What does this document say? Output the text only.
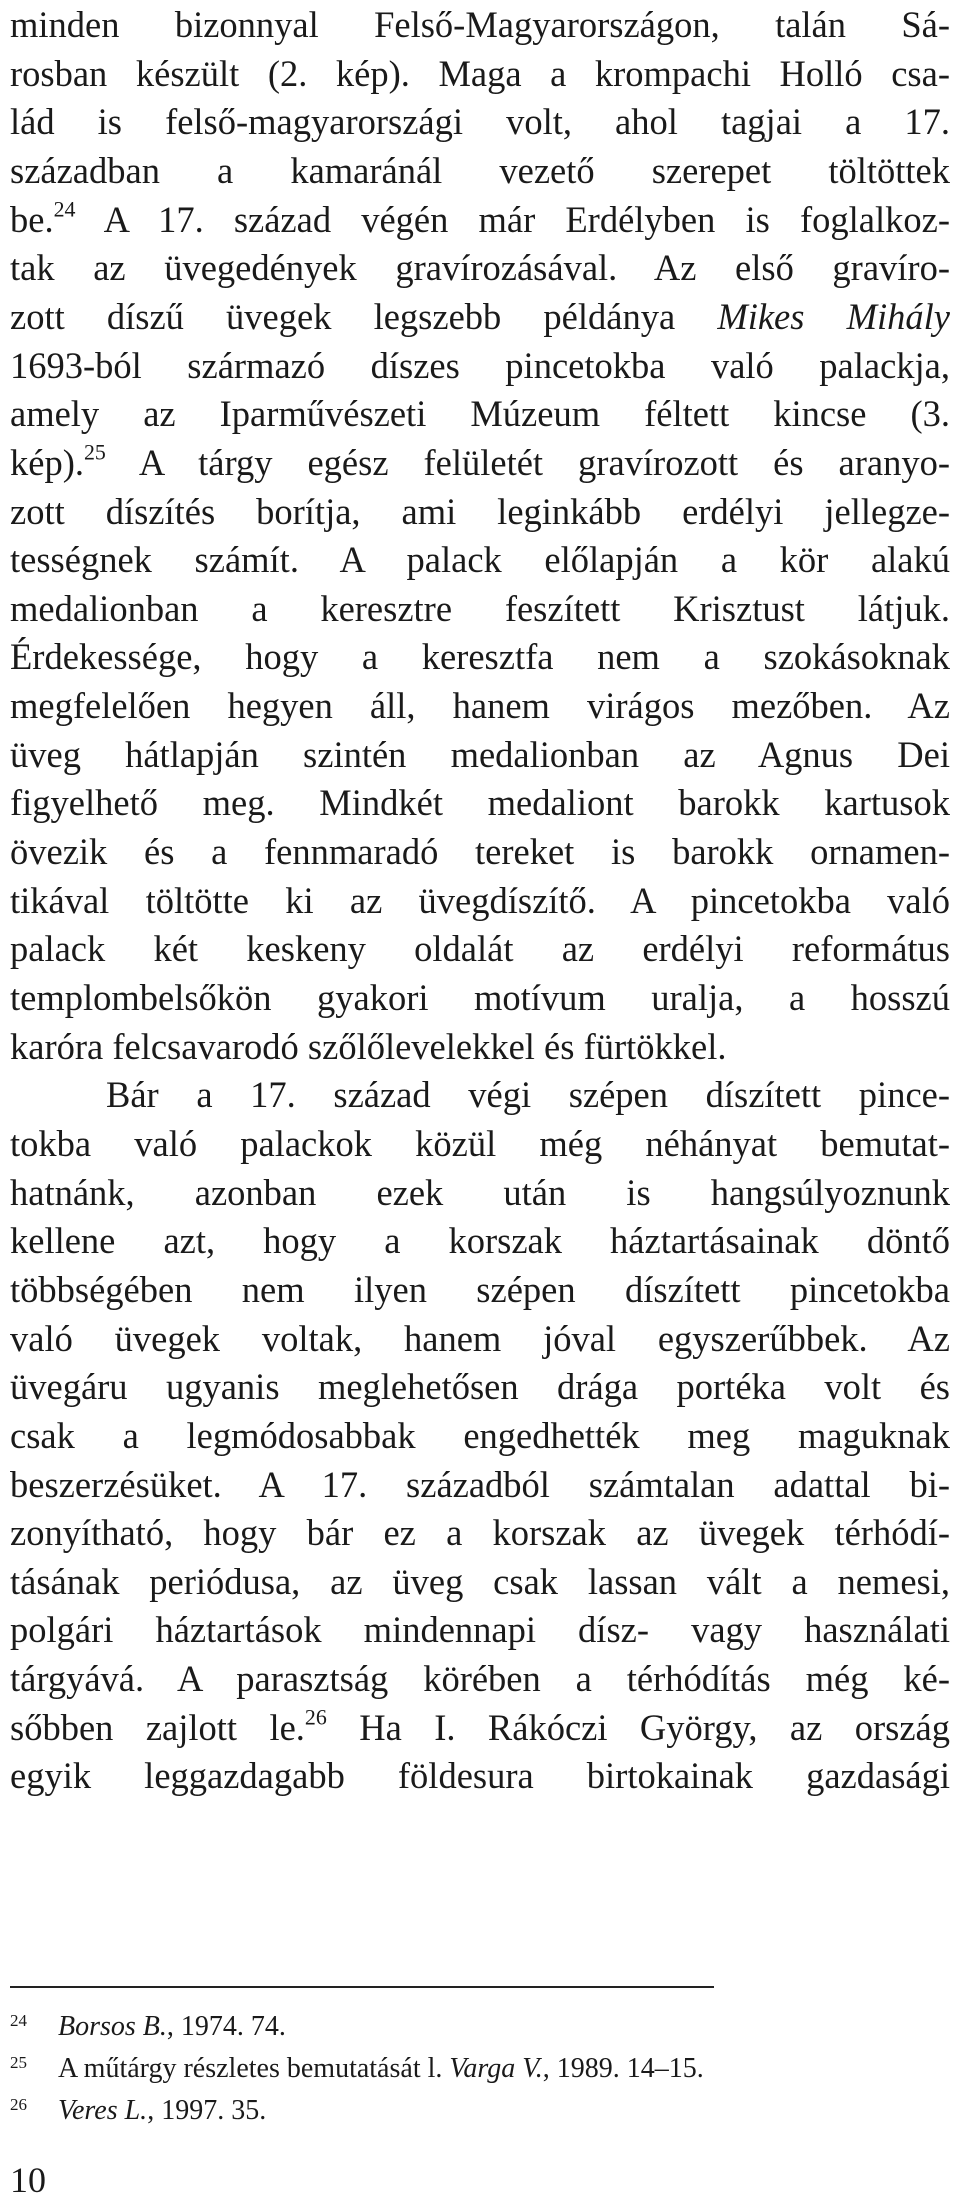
minden bizonnyal Felső-Magyarországon, talán Sá-
rosban készült (2. kép). Maga a krompachi Holló csa-
lád is felső-magyarországi volt, ahol tagjai a 17.
században a kamaránál vezető szerepet töltöttek
be.$^{24}$ A 17. század végén már Erdélyben is foglalkoz-
tak az üvegedények gravírozásával. Az első gravíro-
zott díszű üvegek legszebb példánya Mikes Mihály
1693-ból származó díszes pincetokba való palackja,
amely az Iparművészeti Múzeum féltett kincse (3.
kép).$^{25}$ A tárgy egész felületét gravírozott és aranyo-
zott díszítés borítja, ami leginkább erdélyi jellegze-
tességnek számít. A palack előlapján a kör alakú
medalionban a keresztre feszített Krisztust látjuk.
Érdekessége, hogy a keresztfa nem a szokásoknak
megfelelően hegyen áll, hanem virágos mezőben. Az
üveg hátlapján szintén medalionban az Agnus Dei
figyelhető meg. Mindkét medaliont barokk kartusok
övezik és a fennmaradó tereket is barokk ornamen-
tikával töltötte ki az üvegdíszítő. A pincetokba való
palack két keskeny oldalát az erdélyi református
templombelsőkön gyakori motívum uralja, a hosszú
karóra felcsavarodó szőlőlevelekkel és fürtökkel.
Bár a 17. század végi szépen díszített pince-
tokba való palackok közül még néhányat bemutat-
hatnánk, azonban ezek után is hangsúlyoznunk
kellene azt, hogy a korszak háztartásainak döntő
többségében nem ilyen szépen díszített pincetokba
való üvegek voltak, hanem jóval egyszerűbbek. Az
üvegáru ugyanis meglehetősen drága portéka volt és
csak a legmódosabbak engedhették meg maguknak
beszerzésüket. A 17. századból számtalan adattal bi-
zonyítható, hogy bár ez a korszak az üvegek térhódí-
tásának periódusa, az üveg csak lassan vált a nemesi,
polgári háztartások mindennapi dísz- vagy használati
tárgyává. A parasztság körében a térhódítás még ké-
sőbben zajlott le.$^{26}$ Ha I. Rákóczi György, az ország
egyik leggazdagabb földesura birtokainak gazdasági
24 Borsos B., 1974. 74.
25 A műtárgy részletes bemutatását l. Varga V., 1989. 14–15.
26 Veres L., 1997. 35.
10
